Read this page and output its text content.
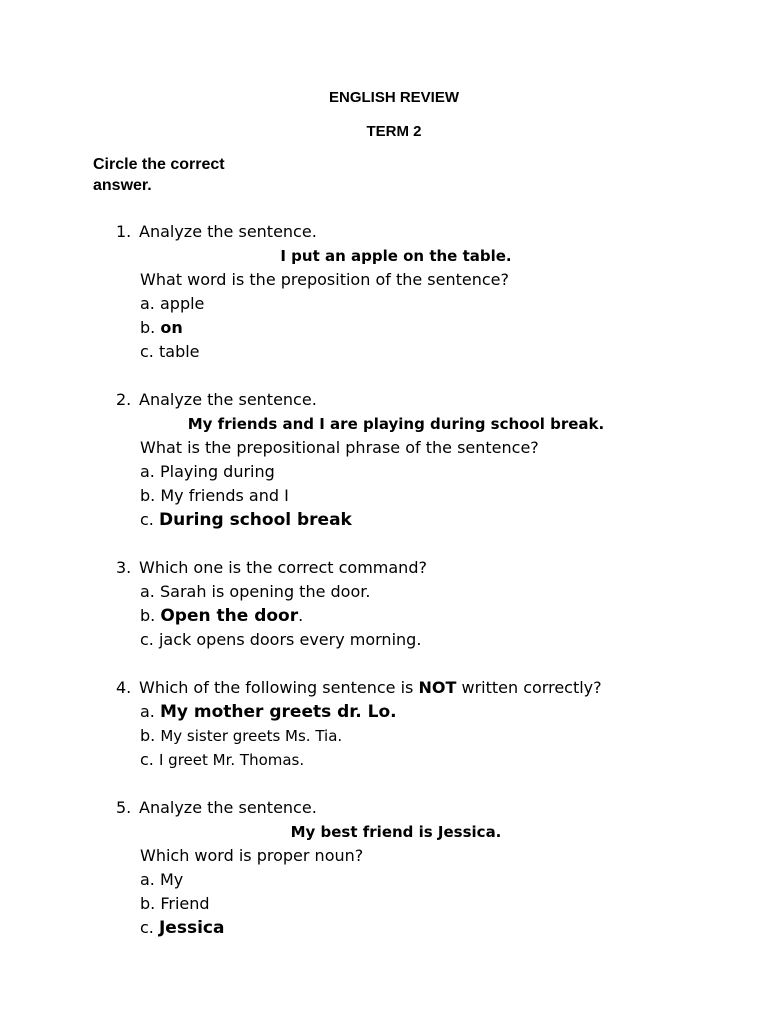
ENGLISH REVIEW
TERM 2
Circle the correct answer.
1. Analyze the sentence.
I put an apple on the table.
What word is the preposition of the sentence?
a. apple
b. on
c. table
2. Analyze the sentence.
My friends and I are playing during school break.
What is the prepositional phrase of the sentence?
a. Playing during
b. My friends and I
c. During school break
3. Which one is the correct command?
a. Sarah is opening the door.
b. Open the door.
c. jack opens doors every morning.
4. Which of the following sentence is NOT written correctly?
a. My mother greets dr. Lo.
b. My sister greets Ms. Tia.
c. I greet Mr. Thomas.
5. Analyze the sentence.
My best friend is Jessica.
Which word is proper noun?
a. My
b. Friend
c. Jessica
